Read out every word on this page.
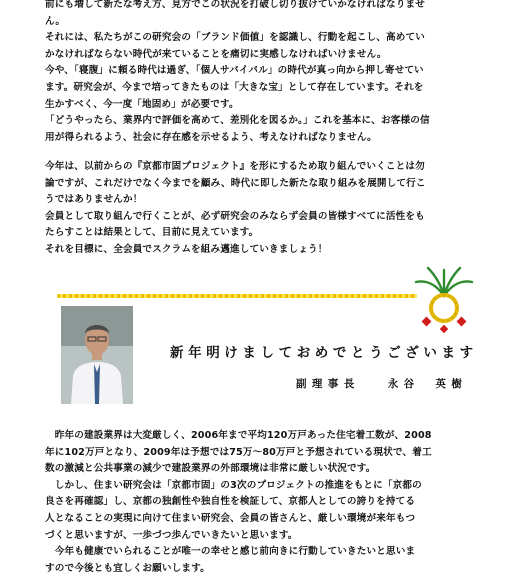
前にも増して新たな考え方、見方でこの状況を打破し切り抜けていかなければなりませ

ん。

それには、私たちがこの研究会の「ブランド価値」を認識し、行動を起こし、高めてい

かなければならない時代が来ていることを痛切に実感しなければいけません。

今や、「寝腹」に頼る時代は過ぎ、「個人サバイバル」の時代が真っ向から押し寄せてい

ます。研究会が、今まで培ってきたものは「大きな宝」として存在しています。それを

生かすべく、今一度「地固め」が必要です。

「どうやったら、業界内で評価を高めて、差別化を図るか。」これを基本に、お客様の信

用が得られるよう、社会に存在感を示せるよう、考えなければなりません。

今年は、以前からの『京都市固プロジェクト』を形にするため取り組んでいくことは勿

論ですが、これだけでなく今までを顧み、時代に即した新たな取り組みを展開して行こ

うではありませんか！

会員として取り組んで行くことが、必ず研究会のみならず会員の皆様すべてに活性をも

たらすことは結果として、目前に見えています。

それを目標に、全会員でスクラムを組み邁進していきましょう！

新年明けましておめでとうございます
副理事長	永谷　英樹

　昨年の建設業界は大変厳しく、2006年まで平均120万戸あった住宅着工数が、2008

年に102万戸となり、2009年は予想では75万〜80万戸と予想されている現状で、着工

数の激減と公共事業の減少で建設業界の外部環境は非常に厳しい状況です。

　しかし、住まい研究会は「京都市固」の3次のプロジェクトの推進をもとに「京都の

良さを再確認」し、京都の独創性や独自性を検証して、京都人としての誇りを持てる

人となることの実現に向けて住まい研究会、会員の皆さんと、厳しい環境が来年もつ

づくと思いますが、一歩づつ歩んでいきたいと思います。

　今年も健康でいられることが唯一の幸せと感じ前向きに行動していきたいと思いま

すので今後とも宜しくお願いします。
